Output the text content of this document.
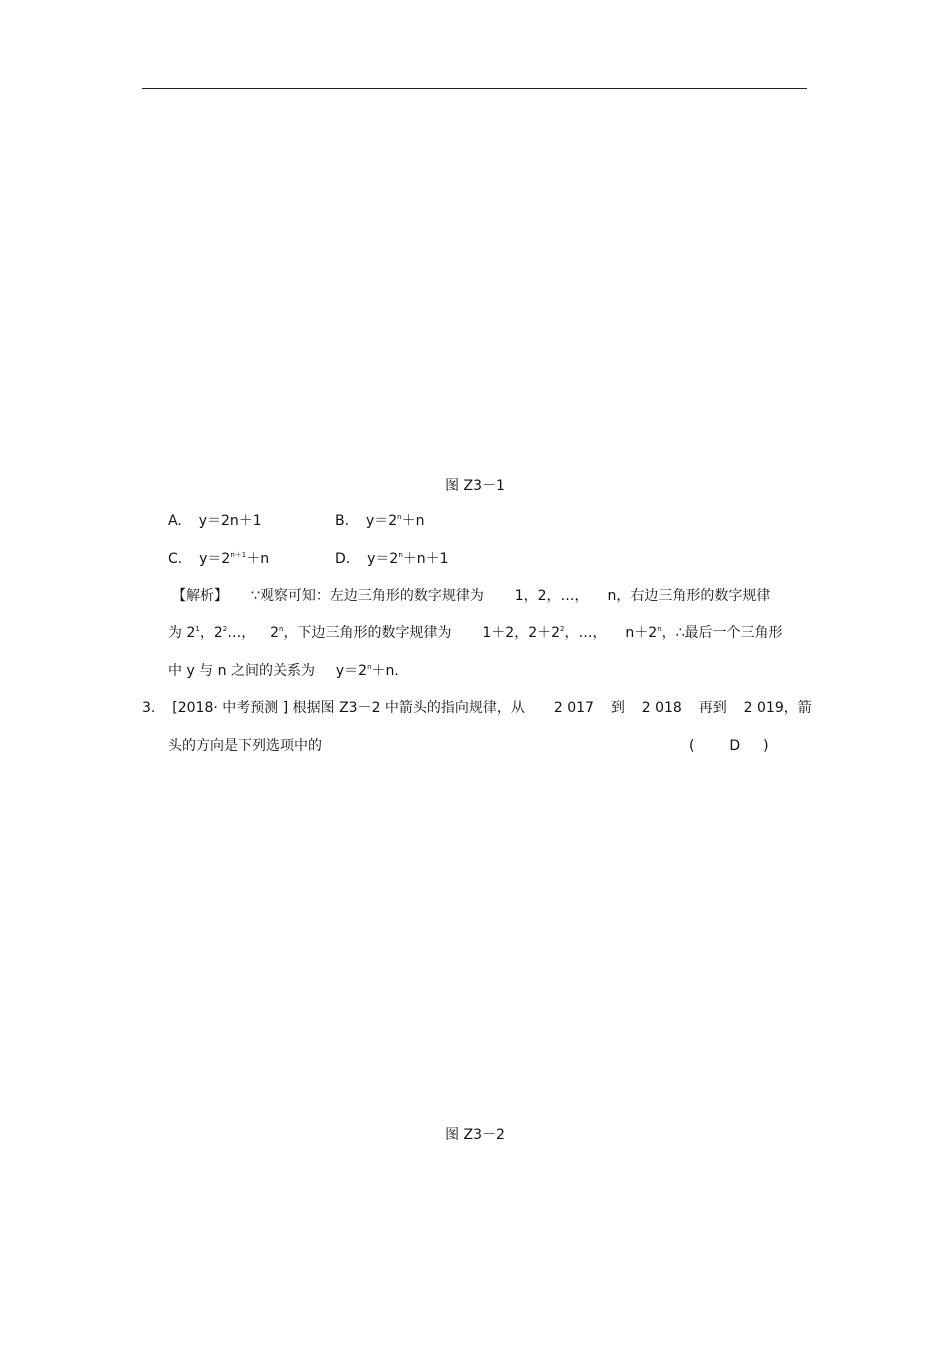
图 Z3－1
A. y＝2n＋1	B. $y=2^n+n$
C. $y=2^{n+1}+n$	D. $y=2^n+n+1$
【解析】 ∵观察可知：左边三角形的数字规律为 1，2，…， n，右边三角形的数字规律
为 $2^1$，$2^2\dots$， 2$^n$，下边三角形的数字规律为 1＋2，$2+2^2$，…， $n+2^n$，∴最后一个三角形
中 y 与 n 之间的关系为 $y=2^n+n$.
3. [2018· 中考预测 ] 根据图 Z3－2 中箭头的指向规律，从 2 017 到 2 018 再到 2 019，箭
头的方向是下列选项中的	( D )
图 Z3－2
